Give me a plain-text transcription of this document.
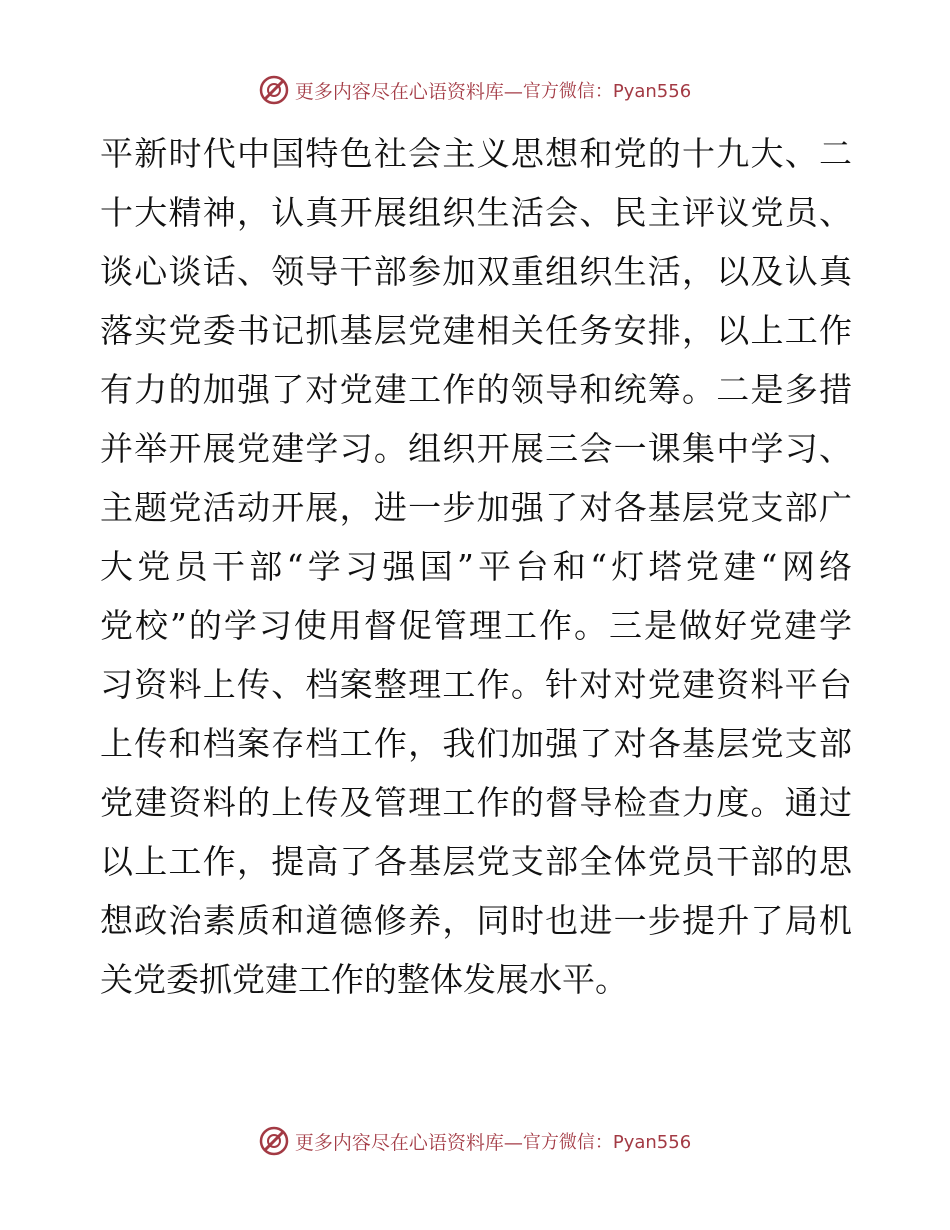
更多内容尽在心语资料库— 官方微信：Pyan556
平新时代中国特色社会主义思想和党的十九大、二
十大精神，认真开展组织生活会、民主评议党员、
谈心谈话、领导干部参加双重组织生活，以及认真
落实党委书记抓基层党建相关任务安排，以上工作
有力的加强了对党建工作的领导和统筹。二是多措
并举开展党建学习。组织开展三会一课集中学习、
主题党活动开展，进一步加强了对各基层党支部广
大党员干部“学习强国”平台和“灯塔党建“网络
党校”的学习使用督促管理工作。三是做好党建学
习资料上传、档案整理工作。针对对党建资料平台
上传和档案存档工作，我们加强了对各基层党支部
党建资料的上传及管理工作的督导检查力度。通过
以上工作，提高了各基层党支部全体党员干部的思
想政治素质和道德修养，同时也进一步提升了局机
关党委抓党建工作的整体发展水平。
更多内容尽在心语资料库— 官方微信：Pyan556
